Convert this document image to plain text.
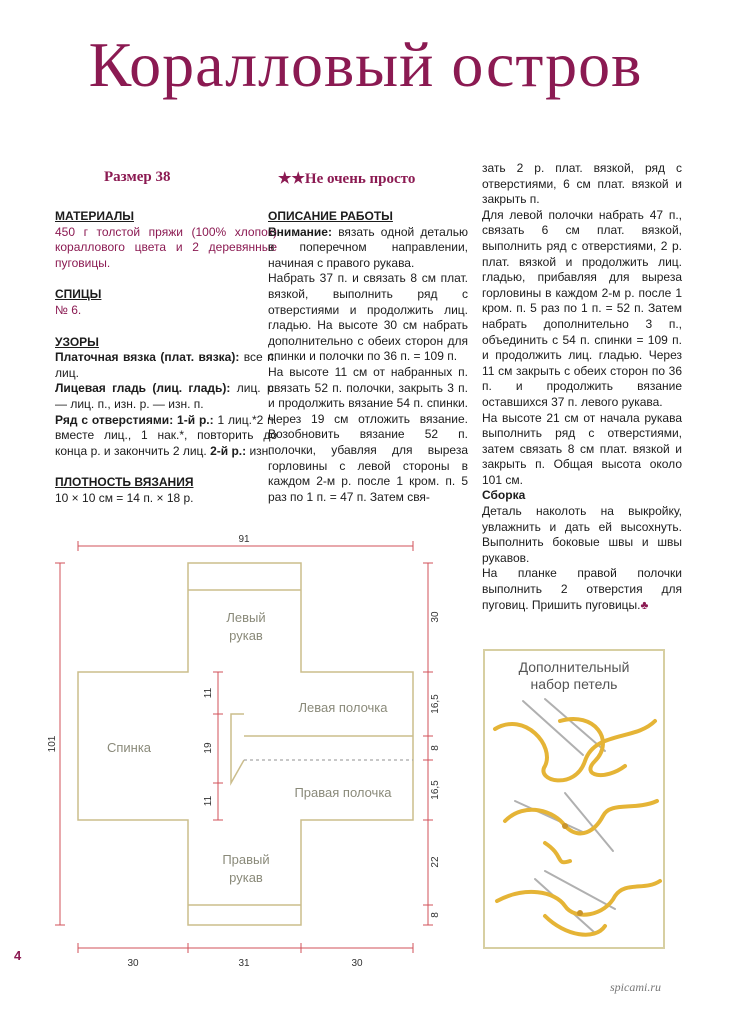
Коралловый остров
Размер 38	★★Не очень просто
МАТЕРИАЛЫ

450 г толстой пряжи (100% хлопок) кораллового цвета и 2 деревянные пуговицы.

СПИЦЫ

№ 6.

УЗОРЫ

Платочная вязка (плат. вязка): все п. лиц.

Лицевая гладь (лиц. гладь): лиц. р. — лиц. п., изн. р. — изн. п.

Ряд с отверстиями: 1-й р.: 1 лиц.*2 п. вместе лиц., 1 нак.*, повторить до конца р. и закончить 2 лиц. 2-й р.: изн.

ПЛОТНОСТЬ ВЯЗАНИЯ

10 × 10 см = 14 п. × 18 р.

ОПИСАНИЕ РАБОТЫ

Внимание: вязать одной деталью в поперечном направлении, начиная с правого рукава.

Набрать 37 п. и связать 8 см плат. вязкой, выполнить ряд с отверстиями и продолжить лиц. гладью. На высоте 30 см набрать дополнительно с обеих сторон для спинки и полочки по 36 п. = 109 п.

На высоте 11 см от набранных п. связать 52 п. полочки, закрыть 3 п. и продолжить вязание 54 п. спинки. Через 19 см отложить вязание. Возобновить вязание 52 п. полочки, убавляя для выреза горловины с левой стороны в каждом 2-м р. после 1 кром. п. 5 раз по 1 п. = 47 п. Затем свя-

зать 2 р. плат. вязкой, ряд с отверстиями, 6 см плат. вязкой и закрыть п.

Для левой полочки набрать 47 п., связать 6 см плат. вязкой, выполнить ряд с отверстиями, 2 р. плат. вязкой и продолжить лиц. гладью, прибавляя для выреза горловины в каждом 2-м р. после 1 кром. п. 5 раз по 1 п. = 52 п. Затем набрать дополнительно 3 п., объединить с 54 п. спинки = 109 п. и продолжить лиц. гладью. Через 11 см закрыть с обеих сторон по 36 п. и продолжить вязание оставшихся 37 п. левого рукава.

На высоте 21 см от начала рукава выполнить ряд с отверстиями, затем связать 8 см плат. вязкой и закрыть п. Общая высота около 101 см.

Сборка

Деталь наколоть на выкройку, увлажнить и дать ей высохнуть. Выполнить боковые швы и швы рукавов.

На планке правой полочки выполнить 2 отверстия для пуговиц. Пришить пуговицы.♣

91
101
30	31	30
30
16,5
8
16,5
22
8
11
19
11
Спинка
Левый
рукав
Правый
рукав
Левая полочка
Правая полочка
Дополнительный
набор петель
4
spicami.ru
